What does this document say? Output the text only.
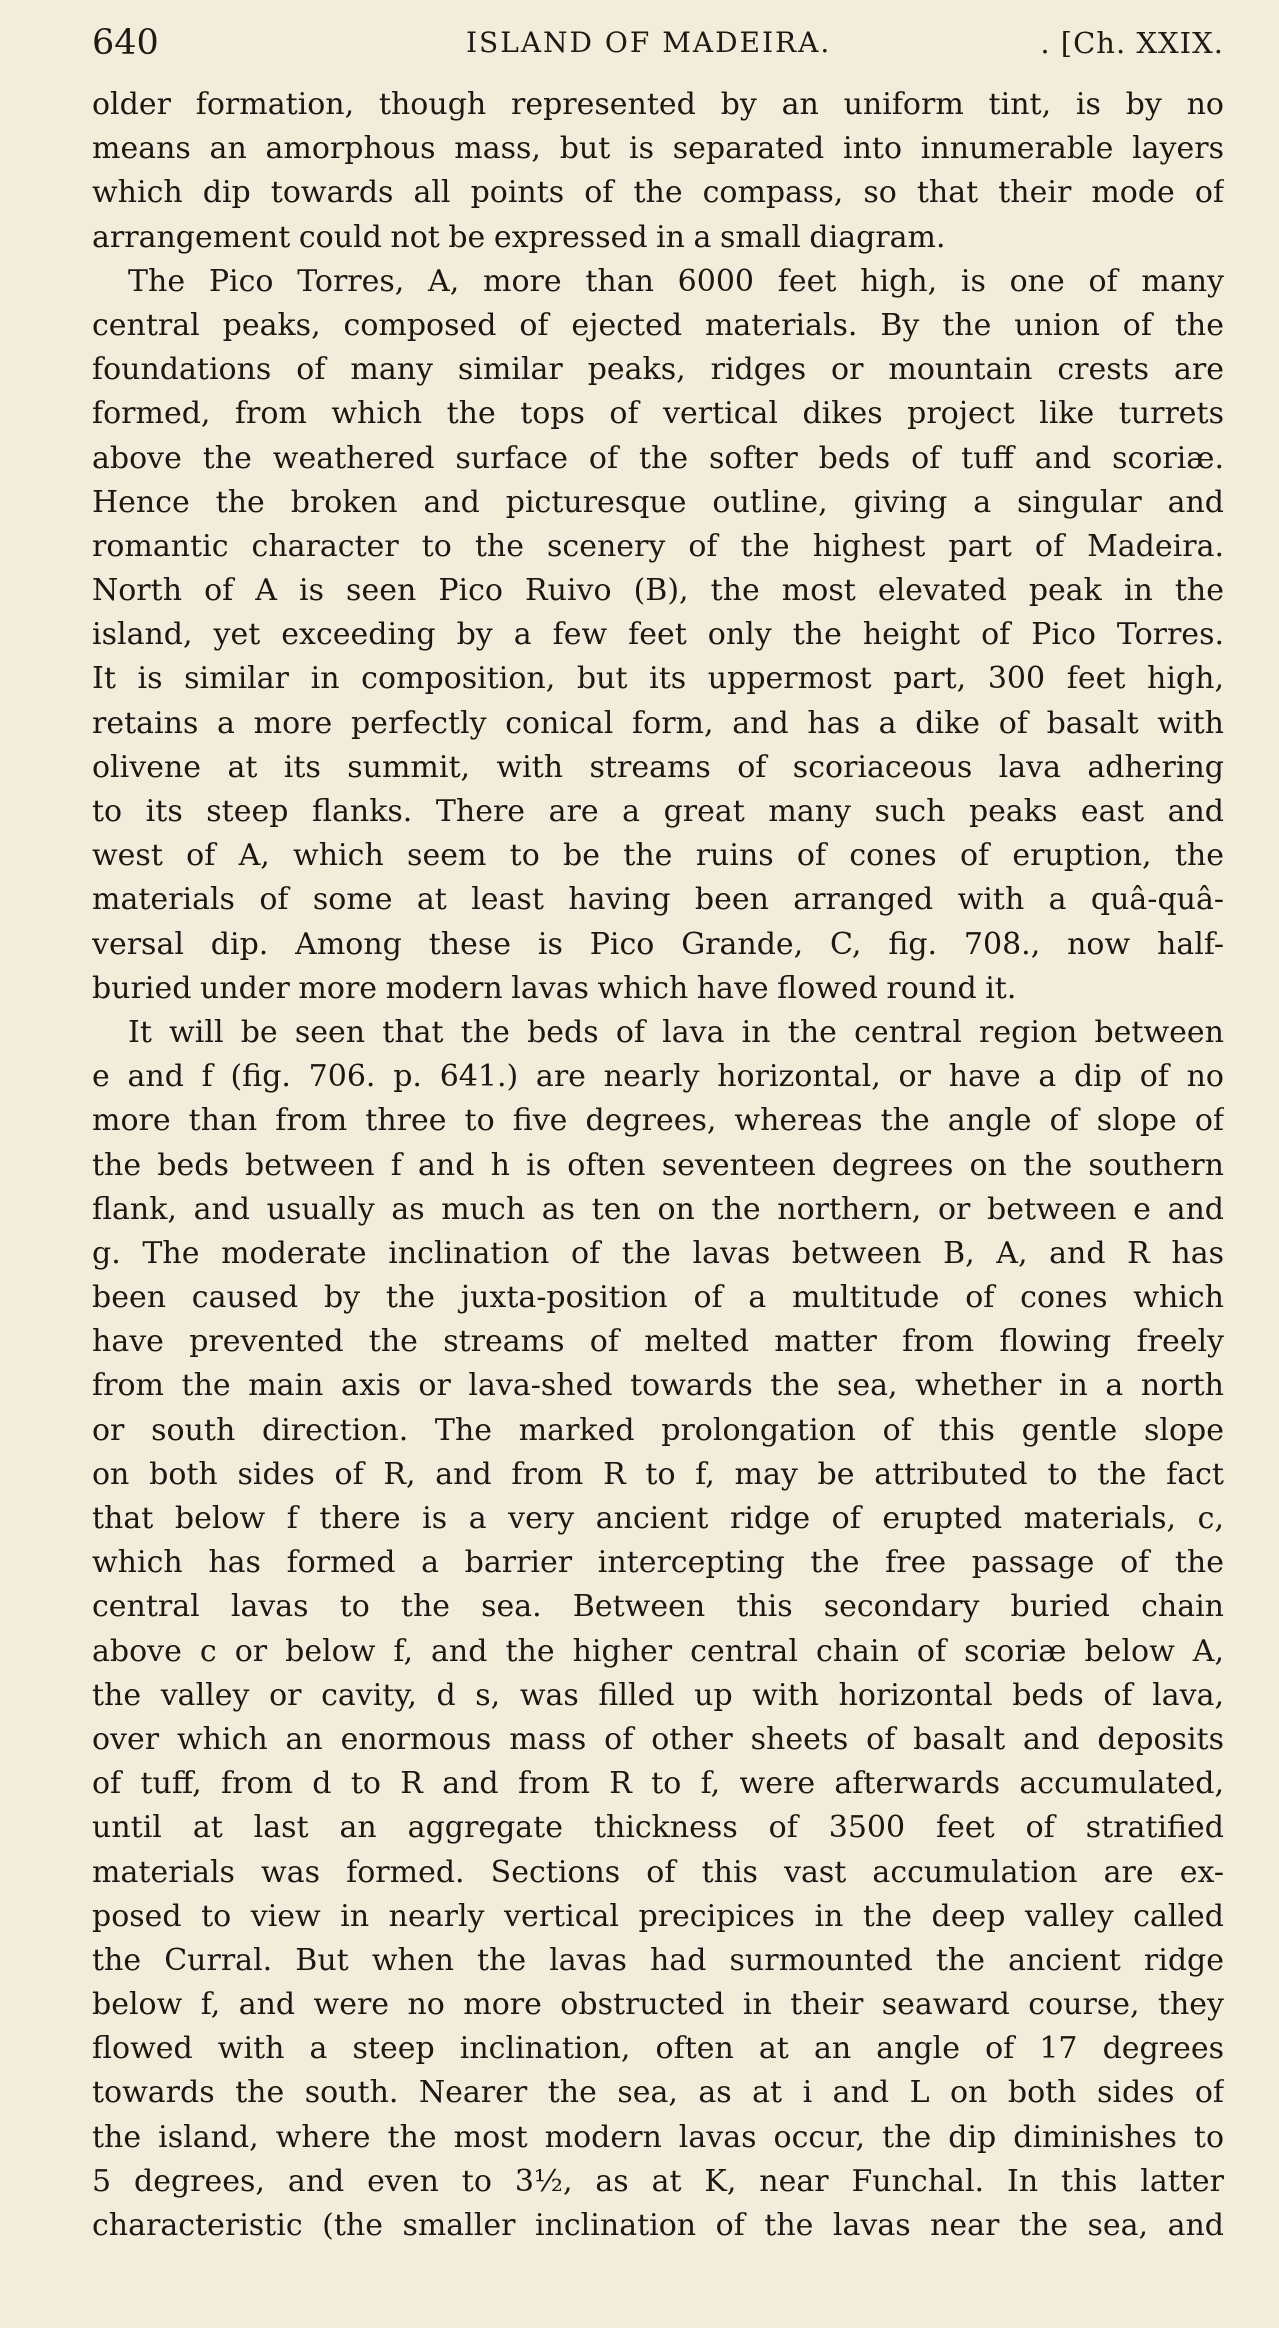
640	ISLAND OF MADEIRA.	. [Ch. XXIX.
older formation, though represented by an uniform tint, is by no
means an amorphous mass, but is separated into innumerable layers
which dip towards all points of the compass, so that their mode of
arrangement could not be expressed in a small diagram.
The Pico Torres, A, more than 6000 feet high, is one of many
central peaks, composed of ejected materials. By the union of the
foundations of many similar peaks, ridges or mountain crests are
formed, from which the tops of vertical dikes project like turrets
above the weathered surface of the softer beds of tuff and scoriæ.
Hence the broken and picturesque outline, giving a singular and
romantic character to the scenery of the highest part of Madeira.
North of A is seen Pico Ruivo (B), the most elevated peak in the
island, yet exceeding by a few feet only the height of Pico Torres.
It is similar in composition, but its uppermost part, 300 feet high,
retains a more perfectly conical form, and has a dike of basalt with
olivene at its summit, with streams of scoriaceous lava adhering
to its steep flanks. There are a great many such peaks east and
west of A, which seem to be the ruins of cones of eruption, the
materials of some at least having been arranged with a quâ-quâ-
versal dip. Among these is Pico Grande, C, fig. 708., now half-
buried under more modern lavas which have flowed round it.
It will be seen that the beds of lava in the central region between
e and f (fig. 706. p. 641.) are nearly horizontal, or have a dip of no
more than from three to five degrees, whereas the angle of slope of
the beds between f and h is often seventeen degrees on the southern
flank, and usually as much as ten on the northern, or between e and
g. The moderate inclination of the lavas between B, A, and R has
been caused by the juxta-position of a multitude of cones which
have prevented the streams of melted matter from flowing freely
from the main axis or lava-shed towards the sea, whether in a north
or south direction. The marked prolongation of this gentle slope
on both sides of R, and from R to f, may be attributed to the fact
that below f there is a very ancient ridge of erupted materials, c,
which has formed a barrier intercepting the free passage of the
central lavas to the sea. Between this secondary buried chain
above c or below f, and the higher central chain of scoriæ below A,
the valley or cavity, d s, was filled up with horizontal beds of lava,
over which an enormous mass of other sheets of basalt and deposits
of tuff, from d to R and from R to f, were afterwards accumulated,
until at last an aggregate thickness of 3500 feet of stratified
materials was formed. Sections of this vast accumulation are ex-
posed to view in nearly vertical precipices in the deep valley called
the Curral. But when the lavas had surmounted the ancient ridge
below f, and were no more obstructed in their seaward course, they
flowed with a steep inclination, often at an angle of 17 degrees
towards the south. Nearer the sea, as at i and L on both sides of
the island, where the most modern lavas occur, the dip diminishes to
5 degrees, and even to 3½, as at K, near Funchal. In this latter
characteristic (the smaller inclination of the lavas near the sea, and
